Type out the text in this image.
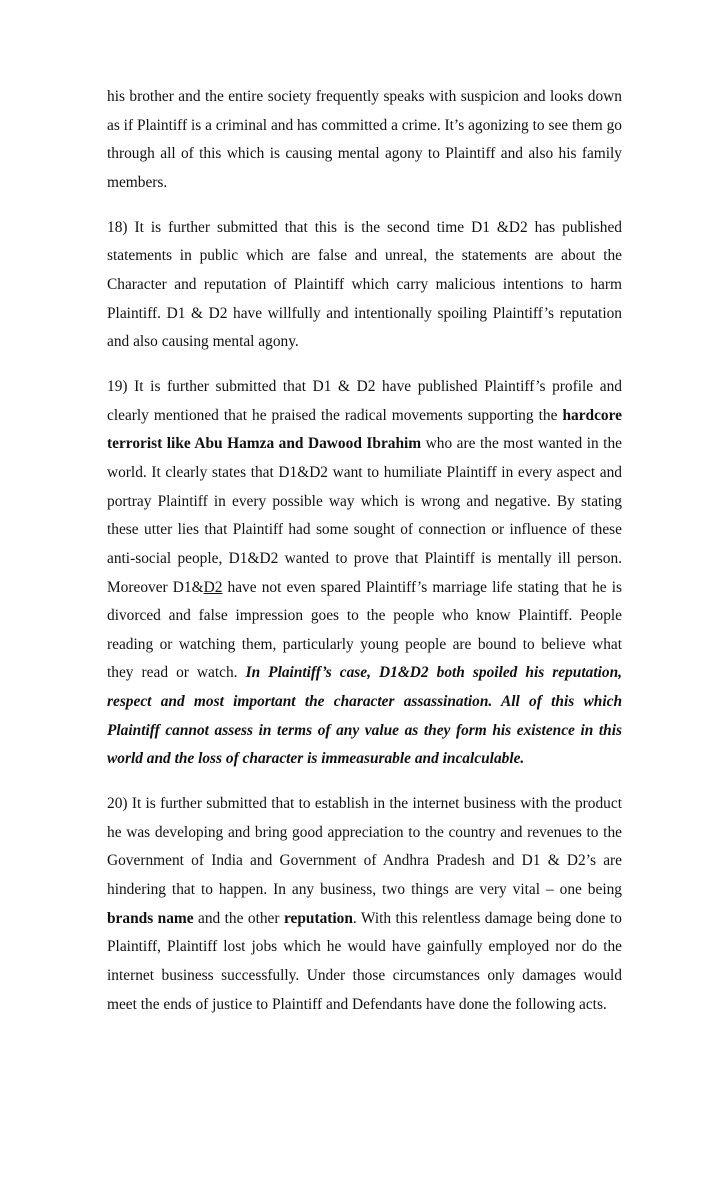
his brother and the entire society frequently speaks with suspicion and looks down as if Plaintiff is a criminal and has committed a crime. It’s agonizing to see them go through all of this which is causing mental agony to Plaintiff and also his family members.

18) It is further submitted that this is the second time D1 &D2 has published statements in public which are false and unreal, the statements are about the Character and reputation of Plaintiff which carry malicious intentions to harm Plaintiff. D1 & D2 have willfully and intentionally spoiling Plaintiff’s reputation and also causing mental agony.

19) It is further submitted that D1 & D2 have published Plaintiff’s profile and clearly mentioned that he praised the radical movements supporting the hardcore terrorist like Abu Hamza and Dawood Ibrahim who are the most wanted in the world. It clearly states that D1&D2 want to humiliate Plaintiff in every aspect and portray Plaintiff in every possible way which is wrong and negative. By stating these utter lies that Plaintiff had some sought of connection or influence of these anti-social people, D1&D2 wanted to prove that Plaintiff is mentally ill person. Moreover D1&D2 have not even spared Plaintiff’s marriage life stating that he is divorced and false impression goes to the people who know Plaintiff. People reading or watching them, particularly young people are bound to believe what they read or watch. In Plaintiff’s case, D1&D2 both spoiled his reputation, respect and most important the character assassination. All of this which Plaintiff cannot assess in terms of any value as they form his existence in this world and the loss of character is immeasurable and incalculable.

20) It is further submitted that to establish in the internet business with the product he was developing and bring good appreciation to the country and revenues to the Government of India and Government of Andhra Pradesh and D1 & D2’s are hindering that to happen. In any business, two things are very vital – one being brands name and the other reputation. With this relentless damage being done to Plaintiff, Plaintiff lost jobs which he would have gainfully employed nor do the internet business successfully. Under those circumstances only damages would meet the ends of justice to Plaintiff and Defendants have done the following acts.
